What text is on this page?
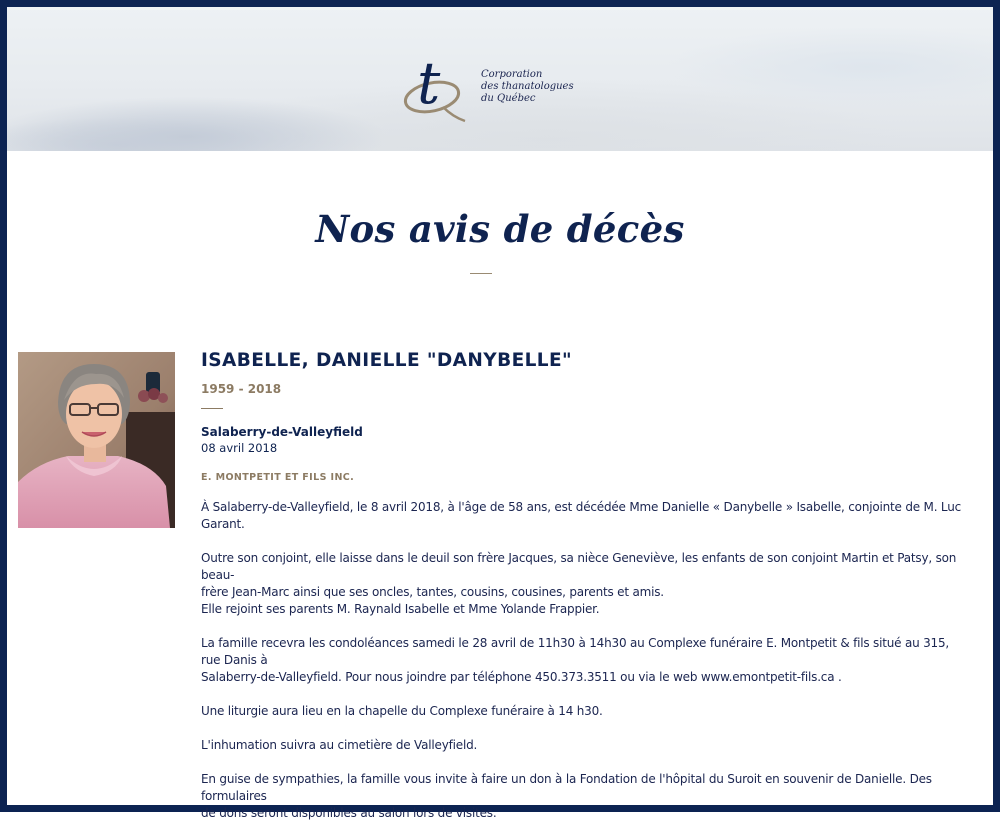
Q t	Corporation
des thanatologues
du Québec
Nos avis de décès
ISABELLE, DANIELLE "DANYBELLE"
1959 - 2018
Salaberry-de-Valleyfield
08 avril 2018
E. MONTPETIT ET FILS INC.

À Salaberry-de-Valleyfield, le 8 avril 2018, à l'âge de 58 ans, est décédée Mme Danielle « Danybelle » Isabelle, conjointe de M. Luc Garant.

Outre son conjoint, elle laisse dans le deuil son frère Jacques, sa nièce Geneviève, les enfants de son conjoint Martin et Patsy, son beau-
frère Jean-Marc ainsi que ses oncles, tantes, cousins, cousines, parents et amis.
Elle rejoint ses parents M. Raynald Isabelle et Mme Yolande Frappier.

La famille recevra les condoléances samedi le 28 avril de 11h30 à 14h30 au Complexe funéraire E. Montpetit & fils situé au 315, rue Danis à
Salaberry-de-Valleyfield. Pour nous joindre par téléphone 450.373.3511 ou via le web www.emontpetit-fils.ca .

Une liturgie aura lieu en la chapelle du Complexe funéraire à 14 h30.

L'inhumation suivra au cimetière de Valleyfield.

En guise de sympathies, la famille vous invite à faire un don à la Fondation de l'hôpital du Suroit en souvenir de Danielle. Des formulaires
de dons seront disponibles au salon lors de visites.
